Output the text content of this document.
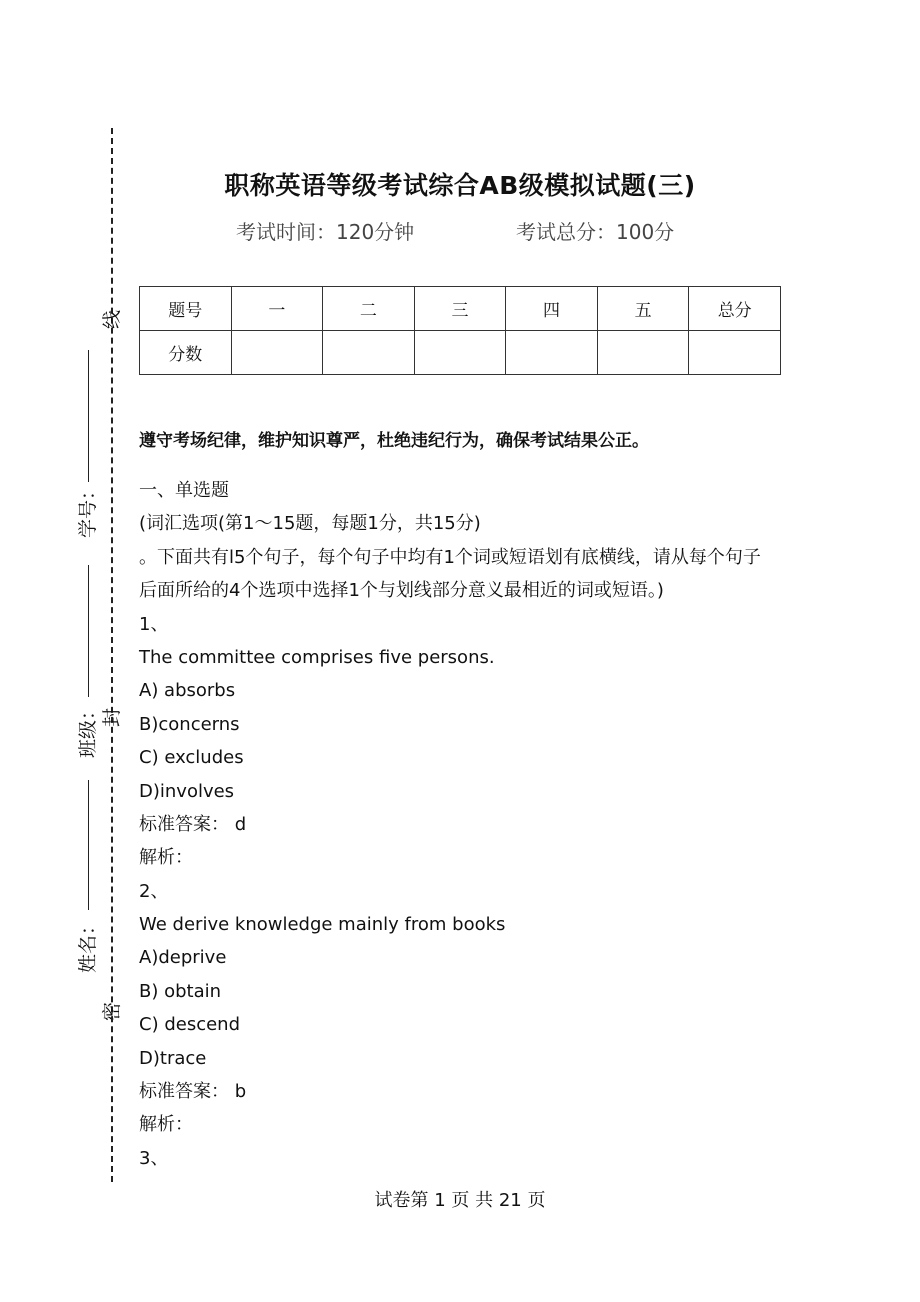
线
封
密
学号：
班级：
姓名：
职称英语等级考试综合AB级模拟试题(三)
考试时间：120分钟	考试总分：100分
题号	一	二	三	四	五	总分
分数						
遵守考场纪律，维护知识尊严，杜绝违纪行为，确保考试结果公正。
一、单选题
(词汇选项(第1～15题，每题1分，共15分)
。下面共有l5个句子，每个句子中均有1个词或短语划有底横线，请从每个句子
后面所给的4个选项中选择1个与划线部分意义最相近的词或短语。)
1、
The committee comprises five persons.
A) absorbs
B)concerns
C) excludes
D)involves
标准答案： d
解析：
2、
We derive knowledge mainly from books
A)deprive
B) obtain
C) descend
D)trace
标准答案： b
解析：
3、
试卷第 1 页 共 21 页
